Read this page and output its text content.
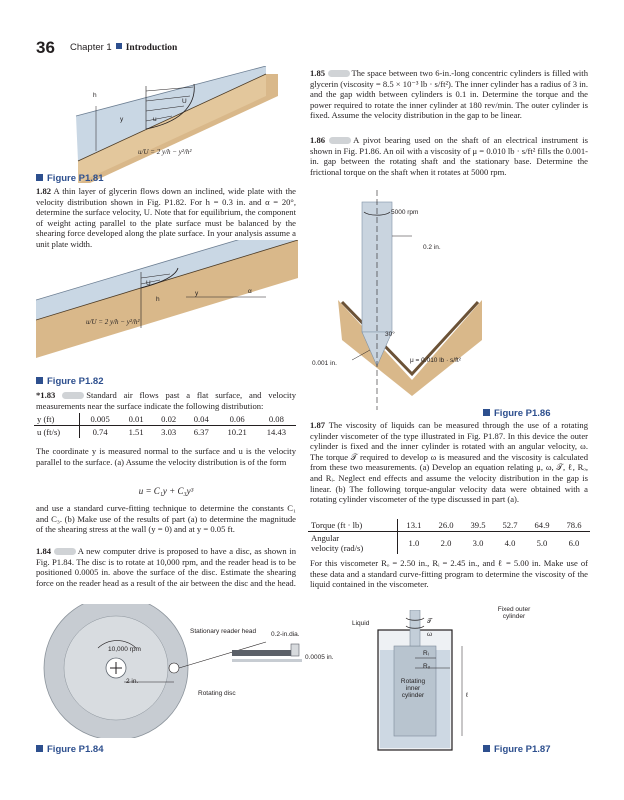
36 Chapter 1 Introduction
h
U
y	u
u/U = 2 y/h − y²/h²
Figure P1.81
1.82 A thin layer of glycerin flows down an inclined, wide plate with the velocity distribution shown in Fig. P1.82. For h = 0.3 in. and α = 20°, determine the surface velocity, U. Note that for equilibrium, the component of weight acting parallel to the plate surface must be balanced by the shearing force developed along the plate surface. In your analysis assume a unit plate width.
U
h
y	α
u/U = 2 y/h − y²/h²
Figure P1.82
*1.83	Standard air flows past a flat surface, and velocity measurements near the surface indicate the following distribution:
y (ft)	0.005	0.01	0.02	0.04	0.06	0.08
u (ft/s)	0.74	1.51	3.03	6.37	10.21	14.43
The coordinate y is measured normal to the surface and u is the velocity parallel to the surface. (a) Assume the velocity distribution is of the form
u = C₁y + C₃y³
and use a standard curve-fitting technique to determine the constants C₁ and C₃. (b) Make use of the results of part (a) to determine the magnitude of the shearing stress at the wall (y = 0) and at y = 0.05 ft.
1.84	A new computer drive is proposed to have a disc, as shown in Fig. P1.84. The disc is to rotate at 10,000 rpm, and the reader head is to be positioned 0.0005 in. above the surface of the disc. Estimate the shearing force on the reader head as a result of the air between the disc and the head.
10,000 rpm
2 in.
Rotating disc
Stationary reader head 0.2-in.dia.
0.0005 in.
Figure P1.84
1.85	The space between two 6-in.-long concentric cylinders is filled with glycerin (viscosity = 8.5 × 10⁻³ lb · s/ft²). The inner cylinder has a radius of 3 in. and the gap width between cylinders is 0.1 in. Determine the torque and the power required to rotate the inner cylinder at 180 rev/min. The outer cylinder is fixed. Assume the velocity distribution in the gap to be linear.
1.86	A pivot bearing used on the shaft of an electrical instrument is shown in Fig. P1.86. An oil with a viscosity of μ = 0.010 lb · s/ft² fills the 0.001-in. gap between the rotating shaft and the stationary base. Determine the frictional torque on the shaft when it rotates at 5000 rpm.
5000 rpm
0.2 in.
30°
0.001 in.	μ = 0.010 lb · s/ft²
Figure P1.86
1.87 The viscosity of liquids can be measured through the use of a rotating cylinder viscometer of the type illustrated in Fig. P1.87. In this device the outer cylinder is fixed and the inner cylinder is rotated with an angular velocity, ω. The torque 𝒯 required to develop ω is measured and the viscosity is calculated from these two measurements. (a) Develop an equation relating μ, ω, 𝒯, ℓ, Rₒ, and Rᵢ. Neglect end effects and assume the velocity distribution in the gap is linear. (b) The following torque-angular velocity data were obtained with a rotating cylinder viscometer of the type discussed in part (a).
Torque (ft · lb)	13.1	26.0	39.5	52.7	64.9	78.6
Angular
velocity (rad/s)	1.0	2.0	3.0	4.0	5.0	6.0
For this viscometer Rₒ = 2.50 in., Rᵢ = 2.45 in., and ℓ = 5.00 in. Make use of these data and a standard curve-fitting program to determine the viscosity of the liquid contained in the viscometer.
Fixed outer cylinder
Liquid	𝒯
ω
Rᵢ
Rₒ
Rotating inner cylinder	ℓ
Figure P1.87
